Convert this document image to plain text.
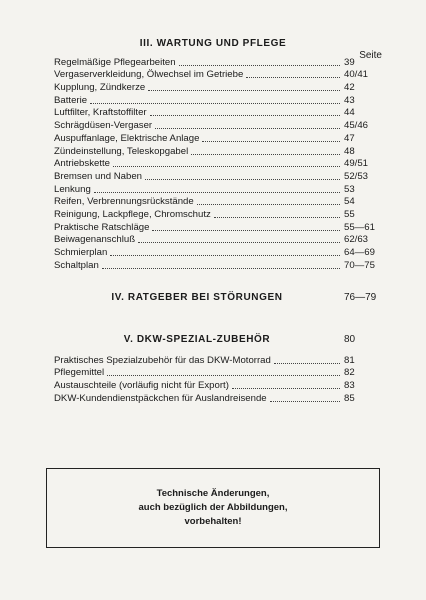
III. WARTUNG UND PFLEGE
Seite
Regelmäßige Pflegearbeiten	39
Vergaserverkleidung, Ölwechsel im Getriebe	40/41
Kupplung, Zündkerze	42
Batterie	43
Luftfilter, Kraftstoffilter	44
Schrägdüsen-Vergaser	45/46
Auspuffanlage, Elektrische Anlage	47
Zündeinstellung, Teleskopgabel	48
Antriebskette	49/51
Bremsen und Naben	52/53
Lenkung	53
Reifen, Verbrennungsrückstände	54
Reinigung, Lackpflege, Chromschutz	55
Praktische Ratschläge	55—61
Beiwagenanschluß	62/63
Schmierplan	64—69
Schaltplan	70—75
IV. RATGEBER BEI STÖRUNGEN	76—79
V. DKW-SPEZIAL-ZUBEHÖR	80
Praktisches Spezialzubehör für das DKW-Motorrad	81
Pflegemittel	82
Austauschteile (vorläufig nicht für Export)	83
DKW-Kundendienstpäckchen für Auslandreisende	85
Technische Änderungen,
auch bezüglich der Abbildungen,
vorbehalten!
